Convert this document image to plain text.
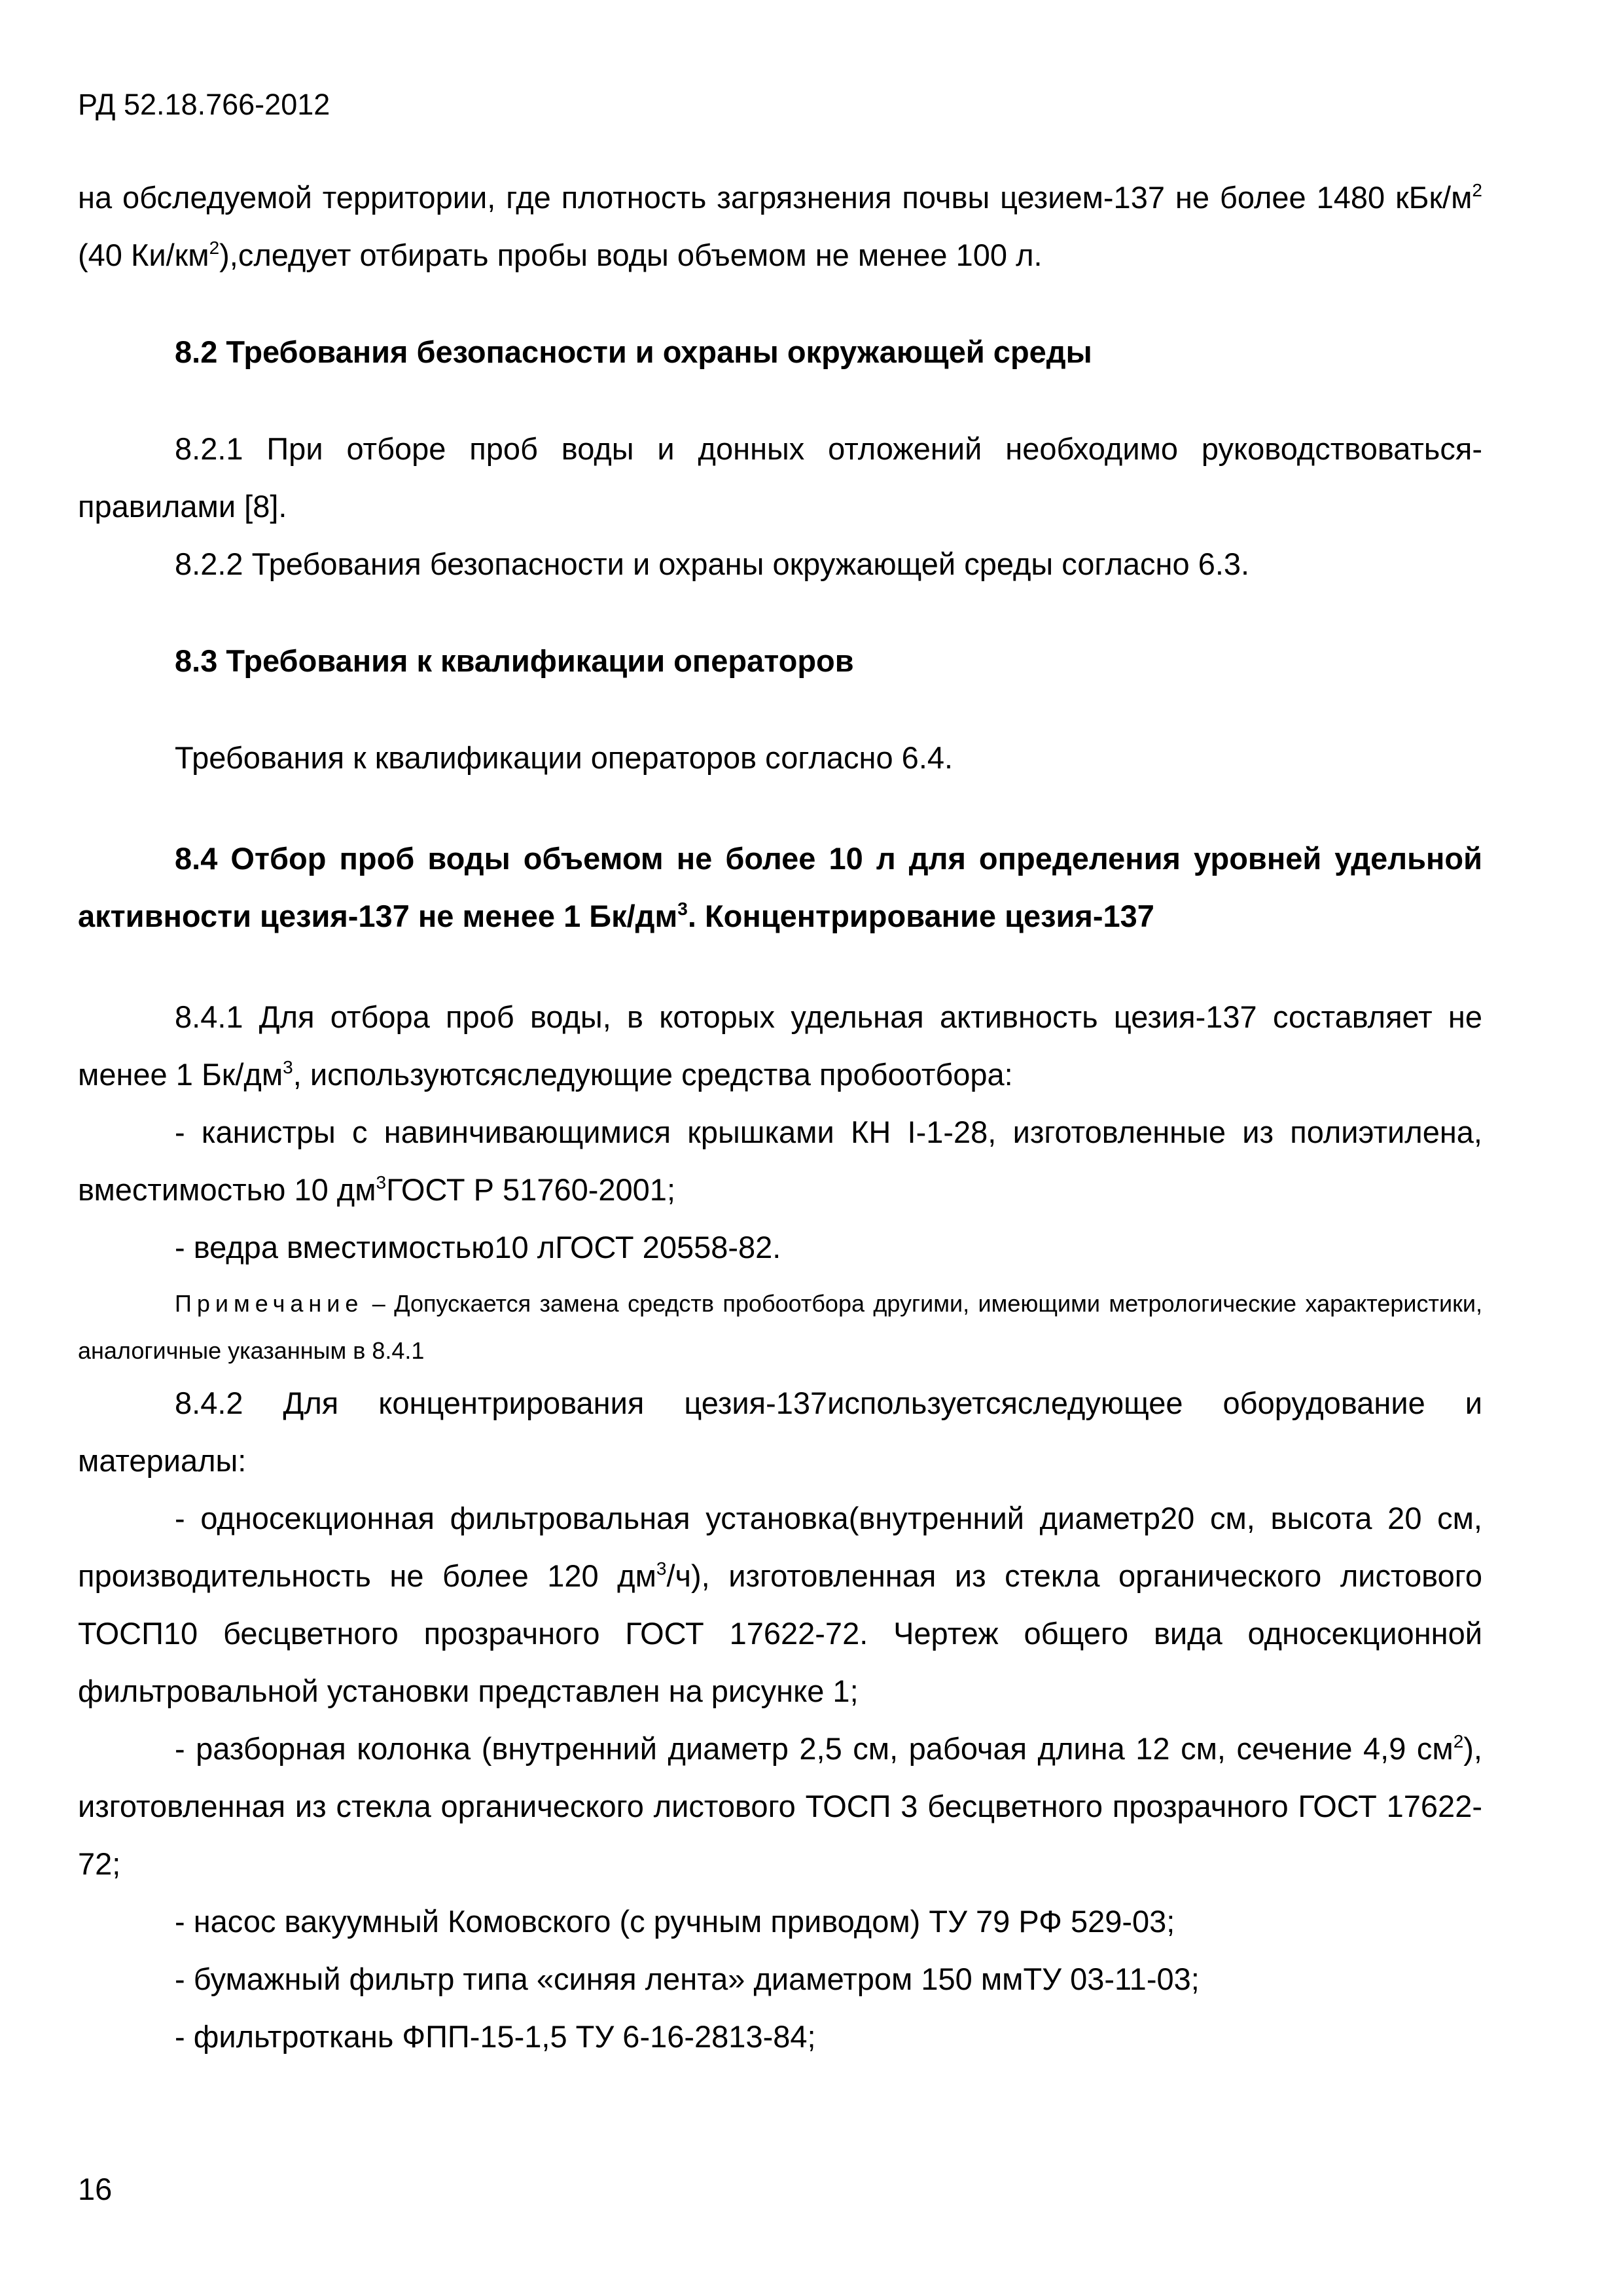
РД 52.18.766-2012

на обследуемой территории, где плотность загрязнения почвы цезием-137 не более 1480 кБк/$м^2$ (40 $Ки/км^2),следует$ отбирать пробы воды объемом не менее 100 л.

8.2 Требования безопасности и охраны окружающей среды

8.2.1 При отборе проб воды и донных отложений необходимо руководствоваться-правилами [8].

8.2.2 Требования безопасности и охраны окружающей среды согласно 6.3.

8.3 Требования к квалификации операторов

Требования к квалификации операторов согласно 6.4.

8.4 Отбор проб воды объемом не более 10 л для определения уровней удельной активности цезия-137 не менее 1 $Бк/дм^3$. Концентрирование цезия-137

8.4.1 Для отбора проб воды, в которых удельная активность цезия-137 составляет не менее 1 $Бк/дм^3$, используютсяследующие средства пробоотбора:

- канистры с навинчивающимися крышками КН I-1-28, изготовленные из полиэтилена, вместимостью 10 $дм^3ГОСТ$ Р 51760-2001;

- ведра вместимостью10 лГОСТ 20558-82.

Примечание – Допускается замена средств пробоотбора другими, имеющими метрологические характеристики, аналогичные указанным в 8.4.1

8.4.2 Для концентрирования цезия-137используетсяследующее оборудование и материалы:

- односекционная фильтровальная установка(внутренний диаметр20 см, высота 20 см, производительность не более 120 $дм^3/ч$), изготовленная из стекла органического листового ТОСП10 бесцветного прозрачного ГОСТ 17622-72. Чертеж общего вида односекционной фильтровальной установки представлен на рисунке 1;

- разборная колонка (внутренний диаметр 2,5 см, рабочая длина 12 см, сечение 4,9 $см^2$), изготовленная из стекла органического листового ТОСП 3 бесцветного прозрачного ГОСТ 17622-72;

- насос вакуумный Комовского (с ручным приводом) ТУ 79 РФ 529-03;

- бумажный фильтр типа «синяя лента» диаметром 150 ммТУ 03-11-03;

- фильтроткань ФПП-15-1,5 ТУ 6-16-2813-84;

16
